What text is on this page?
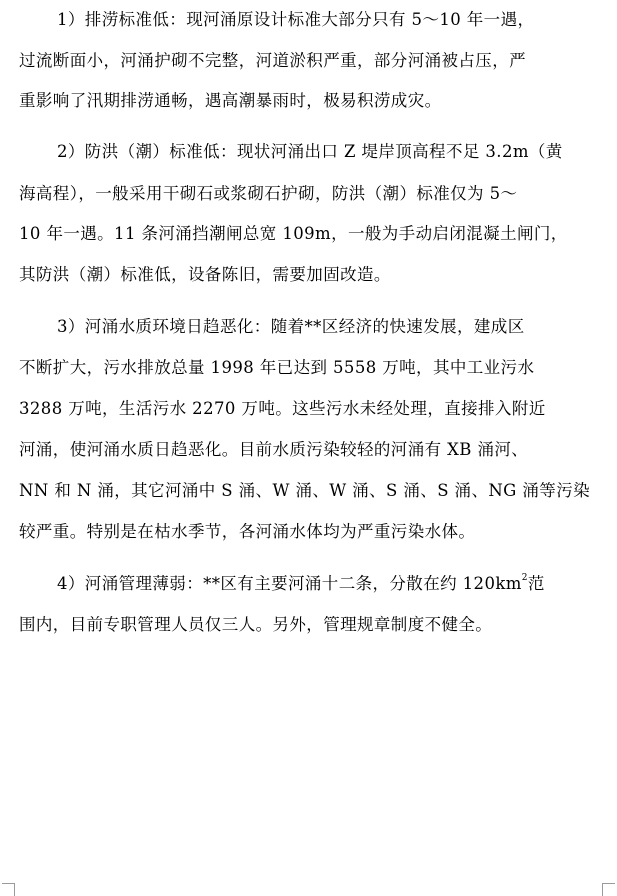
1）排涝标准低：现河涌原设计标准大部分只有 5～10 年一遇，
过流断面小，河涌护砌不完整，河道淤积严重，部分河涌被占压，严
重影响了汛期排涝通畅，遇高潮暴雨时，极易积涝成灾。
2）防洪（潮）标准低：现状河涌出口 Z 堤岸顶高程不足 3.2m（黄
海高程），一般采用干砌石或浆砌石护砌，防洪（潮）标准仅为 5～
10 年一遇。11 条河涌挡潮闸总宽 109m，一般为手动启闭混凝土闸门，
其防洪（潮）标准低，设备陈旧，需要加固改造。
3）河涌水质环境日趋恶化：随着**区经济的快速发展，建成区
不断扩大，污水排放总量 1998 年已达到 5558 万吨，其中工业污水
3288 万吨，生活污水 2270 万吨。这些污水未经处理，直接排入附近
河涌，使河涌水质日趋恶化。目前水质污染较轻的河涌有 XB 涌河、
NN 和 N 涌，其它河涌中 S 涌、W 涌、W 涌、S 涌、S 涌、NG 涌等污染
较严重。特别是在枯水季节，各河涌水体均为严重污染水体。
4）河涌管理薄弱：**区有主要河涌十二条，分散在约 $120km^2$范
围内，目前专职管理人员仅三人。另外，管理规章制度不健全。
